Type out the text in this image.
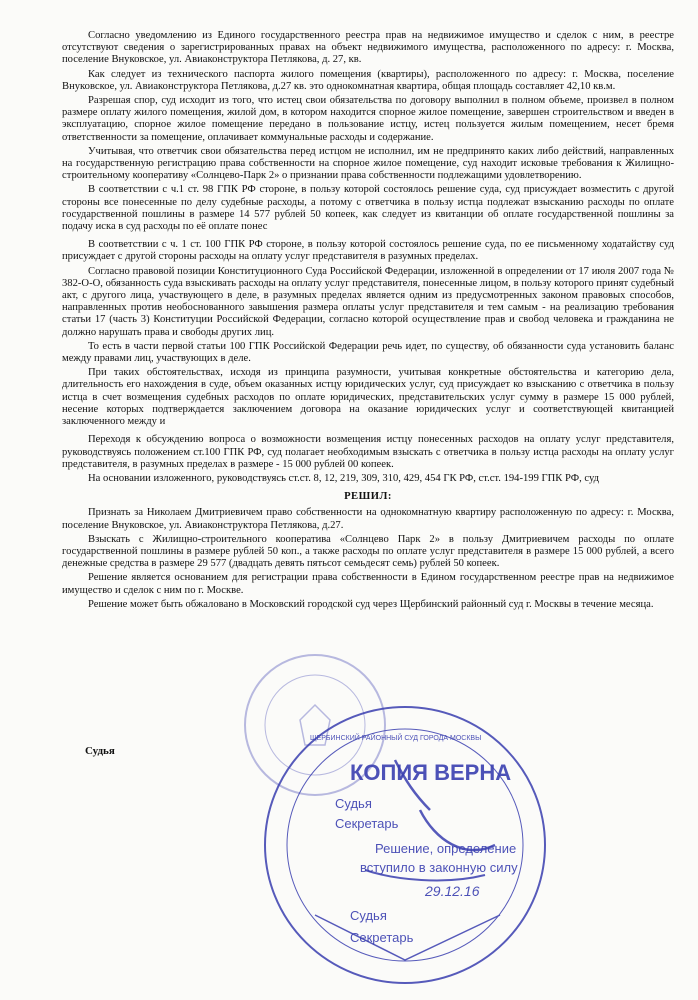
Согласно уведомлению из Единого государственного реестра прав на недвижимое имущество и сделок с ним, в реестре отсутствуют сведения о зарегистрированных правах на объект недвижимого имущества, расположенного по адресу: г. Москва, поселение Внуковское, ул. Авиаконструктора Петлякова, д. 27, кв.

Как следует из технического паспорта жилого помещения (квартиры), расположенного по адресу: г. Москва, поселение Внуковское, ул. Авиаконструктора Петлякова, д.27 кв. это однокомнатная квартира, общая площадь составляет 42,10 кв.м.

Разрешая спор, суд исходит из того, что истец свои обязательства по договору выполнил в полном объеме, произвел в полном размере оплату жилого помещения, жилой дом, в котором находится спорное жилое помещение, завершен строительством и введен в эксплуатацию, спорное жилое помещение передано в пользование истцу, истец пользуется жилым помещением, несет бремя ответственности за помещение, оплачивает коммунальные расходы и содержание.

Учитывая, что ответчик свои обязательства перед истцом не исполнил, им не предпринято каких либо действий, направленных на государственную регистрацию права собственности на спорное жилое помещение, суд находит исковые требования к Жилищно-строительному кооперативу «Солнцево-Парк 2» о признании права собственности подлежащими удовлетворению.

В соответствии с ч.1 ст. 98 ГПК РФ стороне, в пользу которой состоялось решение суда, суд присуждает возместить с другой стороны все понесенные по делу судебные расходы, а потому с ответчика в пользу истца подлежат взысканию расходы по оплате государственной пошлины в размере 14 577 рублей 50 копеек, как следует из квитанции об оплате государственной пошлины за подачу иска в суд расходы по её оплате понес

В соответствии с ч. 1 ст. 100 ГПК РФ стороне, в пользу которой состоялось решение суда, по ее письменному ходатайству суд присуждает с другой стороны расходы на оплату услуг представителя в разумных пределах.

Согласно правовой позиции Конституционного Суда Российской Федерации, изложенной в определении от 17 июля 2007 года № 382-О-О, обязанность суда взыскивать расходы на оплату услуг представителя, понесенные лицом, в пользу которого принят судебный акт, с другого лица, участвующего в деле, в разумных пределах является одним из предусмотренных законом правовых способов, направленных против необоснованного завышения размера оплаты услуг представителя и тем самым - на реализацию требования статьи 17 (часть 3) Конституции Российской Федерации, согласно которой осуществление прав и свобод человека и гражданина не должно нарушать права и свободы других лиц.

То есть в части первой статьи 100 ГПК Российской Федерации речь идет, по существу, об обязанности суда установить баланс между правами лиц, участвующих в деле.

При таких обстоятельствах, исходя из принципа разумности, учитывая конкретные обстоятельства и категорию дела, длительность его нахождения в суде, объем оказанных истцу юридических услуг, суд присуждает ко взысканию с ответчика в пользу истца в счет возмещения судебных расходов по оплате юридических, представительских услуг сумму в размере 15 000 рублей, несение которых подтверждается заключением договора на оказание юридических услуг и соответствующей квитанцией заключенного между и

Переходя к обсуждению вопроса о возможности возмещения истцу понесенных расходов на оплату услуг представителя, руководствуясь положением ст.100 ГПК РФ, суд полагает необходимым взыскать с ответчика в пользу истца расходы на оплату услуг представителя, в разумных пределах в размере - 15 000 рублей 00 копеек.

На основании изложенного, руководствуясь ст.ст. 8, 12, 219, 309, 310, 429, 454 ГК РФ, ст.ст. 194-199 ГПК РФ, суд

РЕШИЛ:

Признать за Николаем Дмитриевичем право собственности на однокомнатную квартиру расположенную по адресу: г. Москва, поселение Внуковское, ул. Авиаконструктора Петлякова, д.27.

Взыскать с Жилищно-строительного кооператива «Солнцево Парк 2» в пользу Дмитриевичем расходы по оплате государственной пошлины в размере рублей 50 коп., а также расходы по оплате услуг представителя в размере 15 000 рублей, а всего денежные средства в размере 29 577 (двадцать девять пятьсот семьдесят семь) рублей 50 копеек.

Решение является основанием для регистрации права собственности в Едином государственном реестре прав на недвижимое имущество и сделок с ним по г. Москве.

Решение может быть обжаловано в Московский городской суд через Щербинский районный суд г. Москвы в течение месяца.

Судья
КОПИЯ ВЕРНА
Судья
Секретарь
Решение, определение
вступило в законную силу
29.12.16
Судья
Секретарь
ЩЕРБИНСКИЙ РАЙОННЫЙ СУД ГОРОДА МОСКВЫ
